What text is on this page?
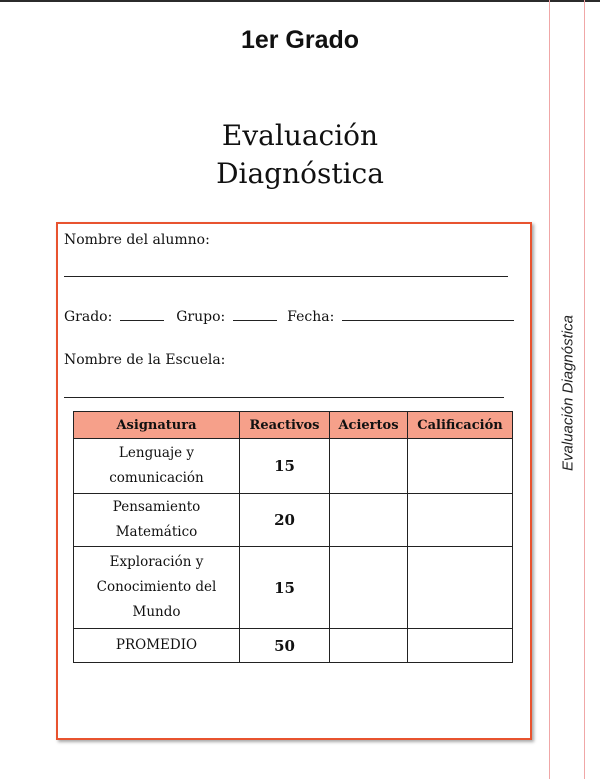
1er Grado
Evaluación
Diagnóstica
Evaluación Diagnóstica
Nombre del alumno:
Grado:	Grupo:	Fecha:
Nombre de la Escuela:
Asignatura	Reactivos	Aciertos	Calificación
Lenguaje y
comunicación	15		
Pensamiento
Matemático	20		
Exploración y
Conocimiento del
Mundo	15		
PROMEDIO	50		
